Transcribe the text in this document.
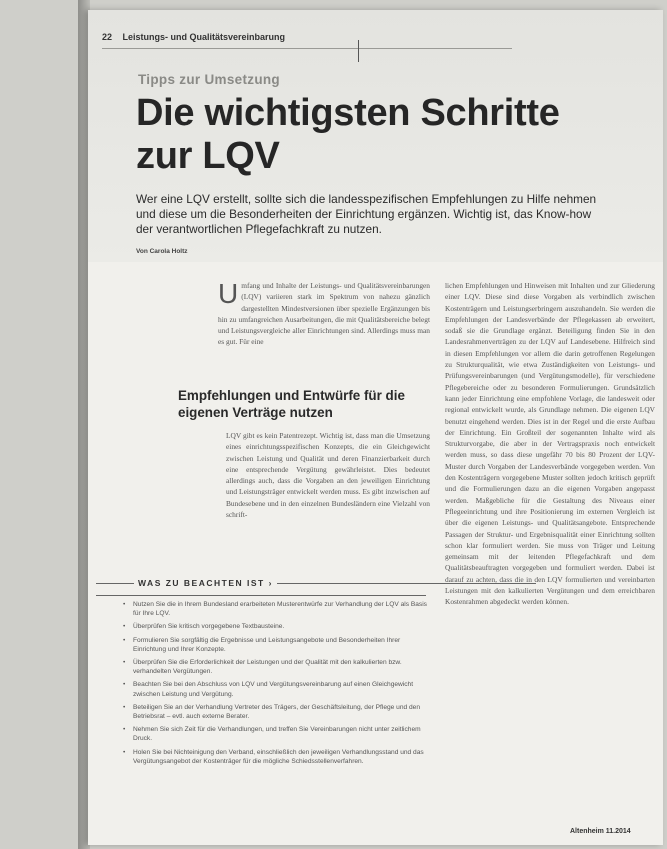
22 Leistungs- und Qualitätsvereinbarung
Tipps zur Umsetzung
Die wichtigsten Schritte zur LQV
Wer eine LQV erstellt, sollte sich die landesspezifischen Empfehlungen zu Hilfe nehmen und diese um die Besonderheiten der Einrichtung ergänzen. Wichtig ist, das Know-how der verantwortlichen Pflegefachkraft zu nutzen.
Von Carola Holtz
U mfang und Inhalte der Leistungs- und Qualitätsvereinbarungen (LQV) variieren stark im Spektrum von nahezu gänzlich dargestellten Mindestversionen über spezielle Ergänzungen bis hin zu umfangreichen Ausarbeitungen, die mit Qualitätsbereiche belegt und Leistungsvergleiche aller Einrichtungen sind. Allerdings muss man es gut. Für eine
Empfehlungen und Entwürfe für die eigenen Verträge nutzen
LQV gibt es kein Patentrezept. Wichtig ist, dass man die Umsetzung eines einrichtungsspezifischen Konzepts, die ein Gleichgewicht zwischen Leistung und Qualität und deren Finanzierbarkeit durch eine entsprechende Vergütung gewährleistet. Dies bedeutet allerdings auch, dass die Vorgaben an den jeweiligen Einrichtung und Leistungsträger entwickelt werden muss. Es gibt inzwischen auf Bundesebene und in den einzelnen Bundesländern eine Vielzahl von schrift-
lichen Empfehlungen und Hinweisen mit Inhalten und zur Gliederung einer LQV. Diese sind diese Vorgaben als verbindlich zwischen Kostenträgern und Leistungserbringern auszuhandeln. Sie werden die Empfehlungen der Landesverbände der Pflegekassen ab erweitert, sodaß sie die Grundlage ergänzt. Beteiligung finden Sie in den Landesrahmenverträgen zu der LQV auf Landesebene. Hilfreich sind in diesen Empfehlungen vor allem die darin getroffenen Regelungen zu Strukturqualität, wie etwa Zuständigkeiten von Leistungs- und Prüfungsvereinbarungen (und Vergütungsmodelle), für verschiedene Pflegebereiche oder zu besonderen Formulierungen. Grundsätzlich kann jeder Einrichtung eine empfohlene Vorlage, die landesweit oder regional entwickelt wurde, als Grundlage nehmen. Die eigenen LQV benutzt eingehend werden. Dies ist in der Regel und die erste Aufbau der Einrichtung. Ein Großteil der sogenannten Inhalte wird als Strukturvorgabe, die aber in der Vertragspraxis noch entwickelt werden muss, so dass diese ungefähr 70 bis 80 Prozent der LQV-Muster durch Vorgaben der Landesverbände vorgegeben werden. Von den Kostenträgern vorgegebene Muster sollten jedoch kritisch geprüft und die Formulierungen dazu an die eigenen Vorgaben angepasst werden. Maßgebliche für die Gestaltung des Niveaus einer Pflegeeinrichtung und ihre Positionierung im externen Vergleich ist über die eigenen Leistungs- und Qualitätsangebote. Entsprechende Passagen der Struktur- und Ergebnisqualität einer Einrichtung sollten schon klar formuliert werden. Sie muss von Träger und Leitung gemeinsam mit der leitenden Pflegefachkraft und dem Qualitätsbeauftragten vorgegeben und formuliert werden. Dabei ist darauf zu achten, dass die in den LQV formulierten und vereinbarten Leistungen mit den kalkulierten Vergütungen und dem erreichbaren Kostenrahmen abgedeckt werden können.
WAS ZU BEACHTEN IST ›
• Nutzen Sie die in Ihrem Bundesland erarbeiteten Musterentwürfe zur Verhandlung der LQV als Basis für Ihre LQV.
• Überprüfen Sie kritisch vorgegebene Textbausteine.
• Formulieren Sie sorgfältig die Ergebnisse und Leistungsangebote und Besonderheiten Ihrer Einrichtung und Ihrer Konzepte.
• Überprüfen Sie die Erforderlichkeit der Leistungen und der Qualität mit den kalkulierten bzw. verhandelten Vergütungen.
• Beachten Sie bei den Abschluss von LQV und Vergütungsvereinbarung auf einen Gleichgewicht zwischen Leistung und Vergütung.
• Beteiligen Sie an der Verhandlung Vertreter des Trägers, der Geschäftsleitung, der Pflege und den Betriebsrat – evtl. auch externe Berater.
• Nehmen Sie sich Zeit für die Verhandlungen, und treffen Sie Vereinbarungen nicht unter zeitlichem Druck.
• Holen Sie bei Nichteinigung den Verband, einschließlich den jeweiligen Verhandlungsstand und das Vergütungsangebot der Kostenträger für die mögliche Schiedsstellenverfahren.
Altenheim 11.2014
